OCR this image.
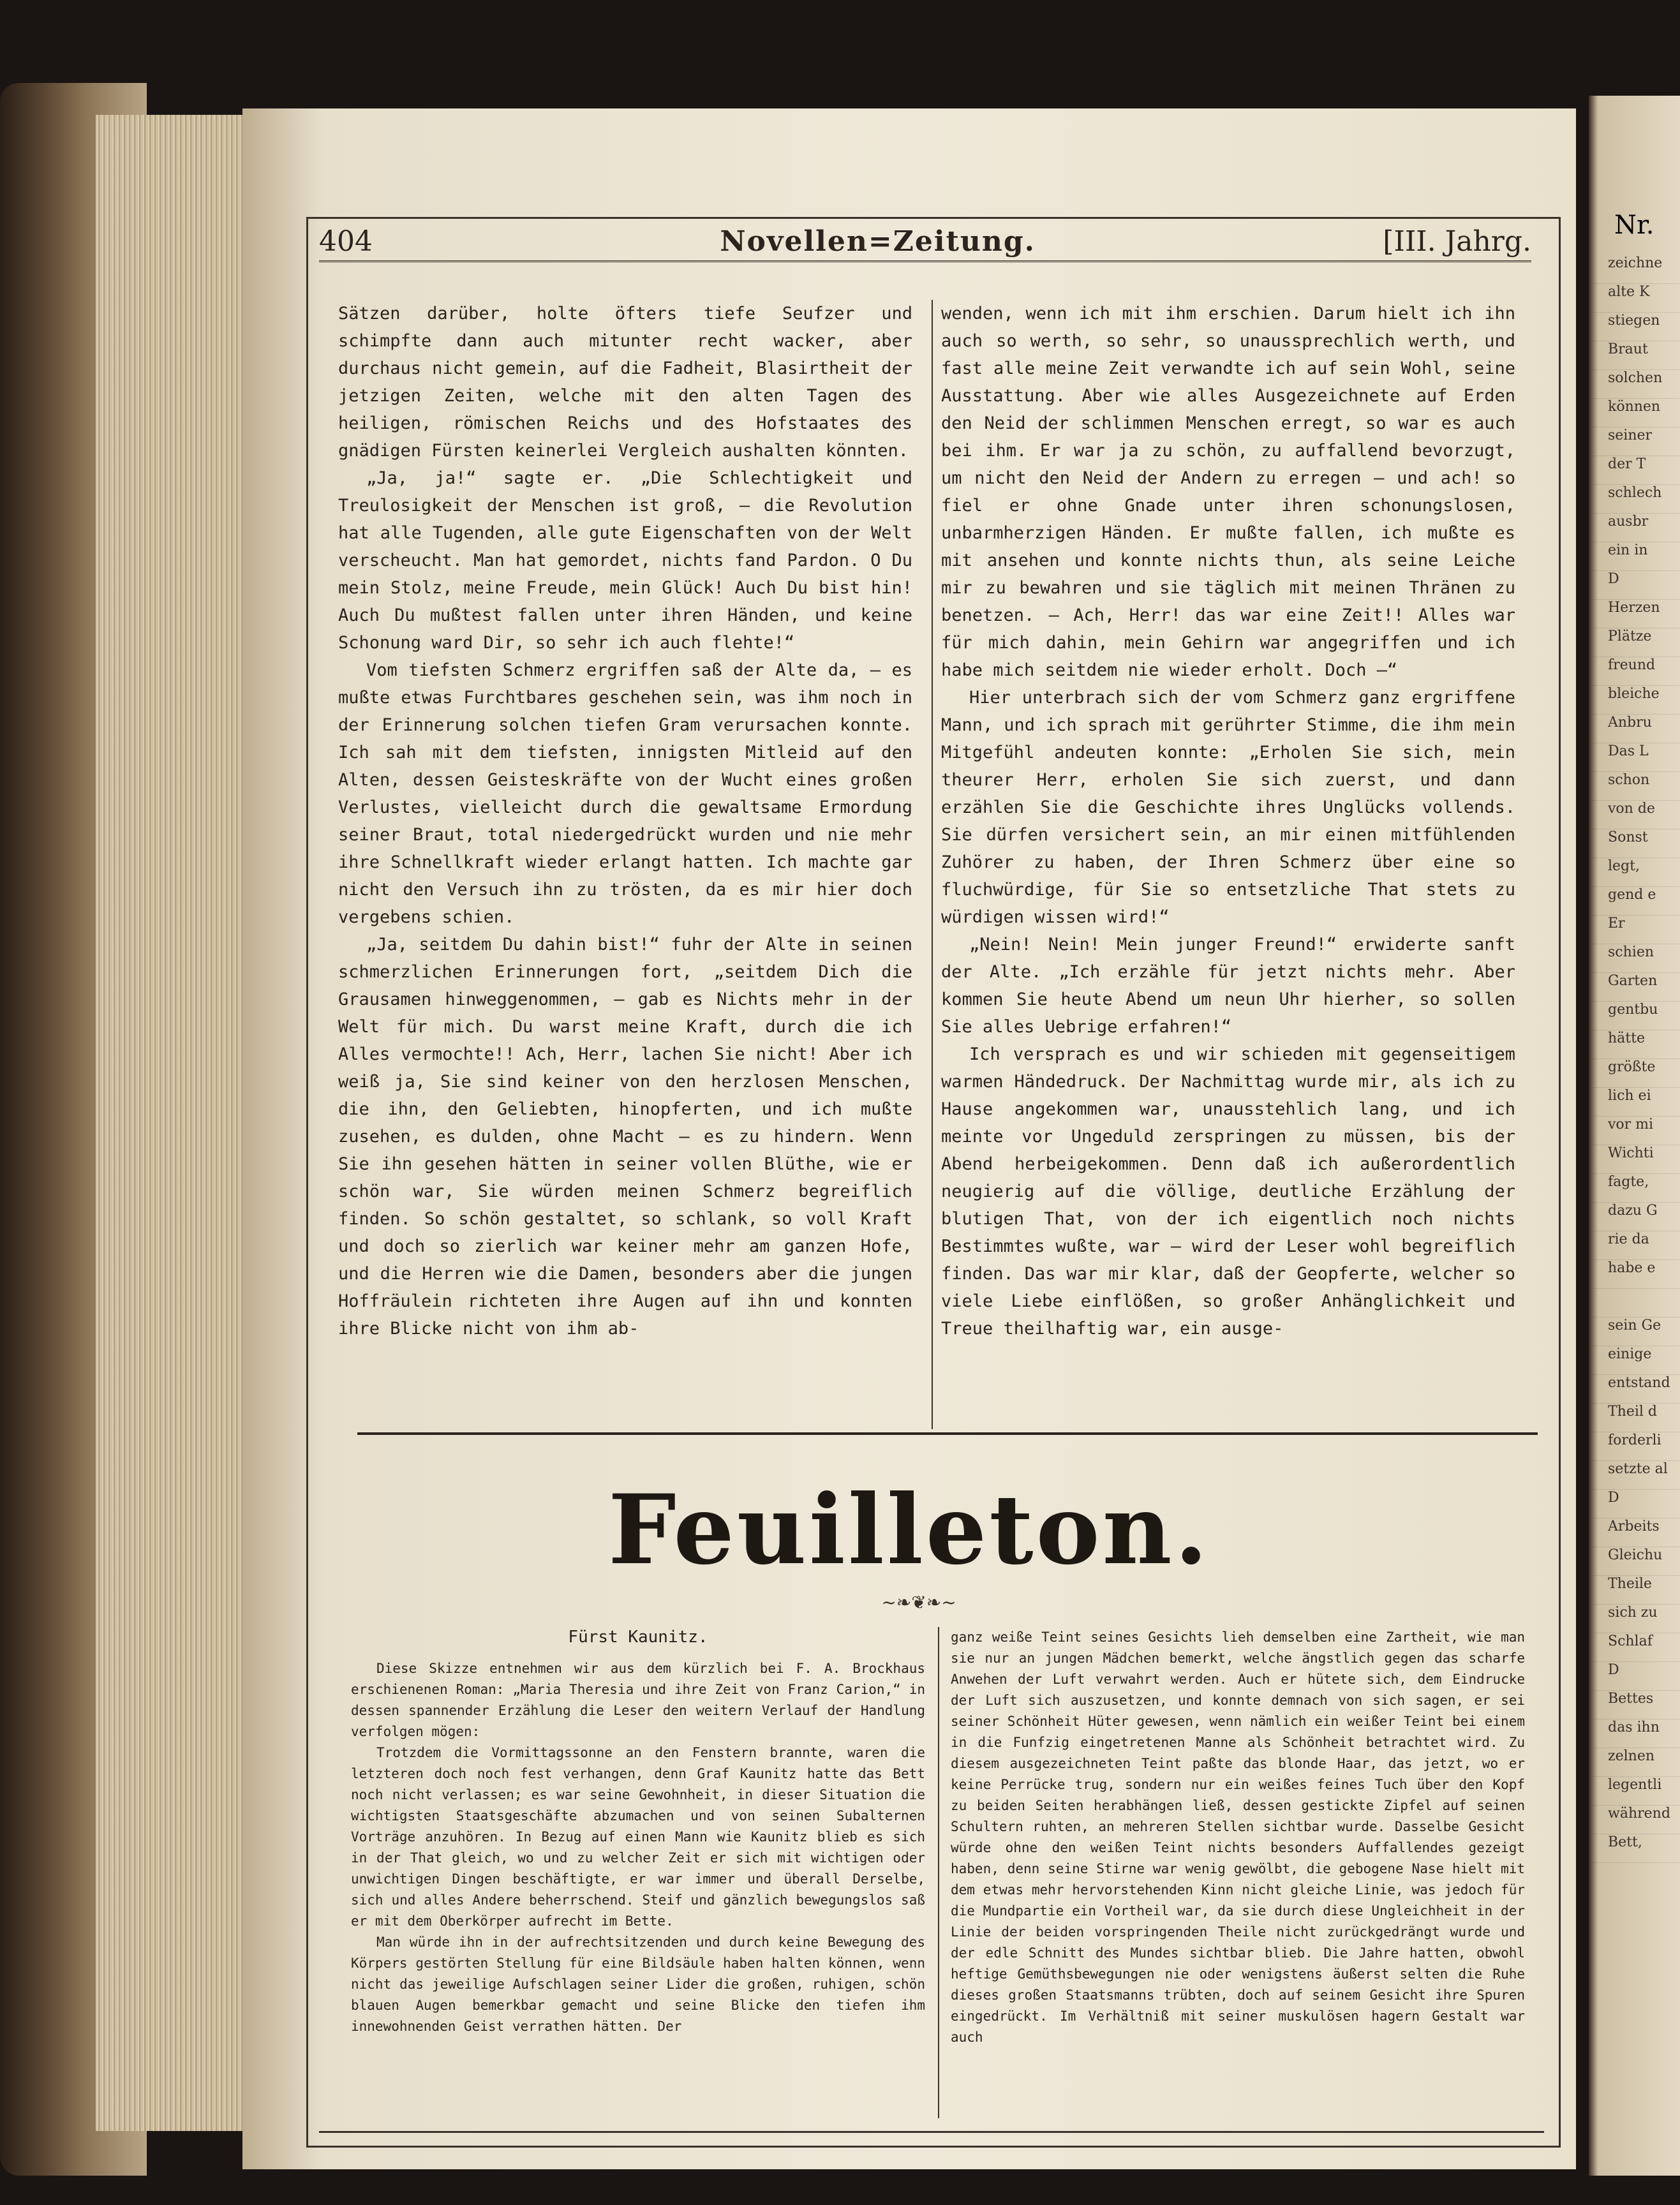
404	Novellen=Zeitung.	[III. Jahrg.

Sätzen darüber, holte öfters tiefe Seufzer und schimpfte dann auch mitunter recht wacker, aber durchaus nicht gemein, auf die Fadheit, Blasirtheit der jetzigen Zeiten, welche mit den alten Tagen des heiligen, römischen Reichs und des Hofstaates des gnädigen Fürsten keinerlei Vergleich aushalten könnten.

„Ja, ja!“ sagte er. „Die Schlechtigkeit und Treulosigkeit der Menschen ist groß, — die Revolution hat alle Tugenden, alle gute Eigenschaften von der Welt verscheucht. Man hat gemordet, nichts fand Pardon. O Du mein Stolz, meine Freude, mein Glück! Auch Du bist hin! Auch Du mußtest fallen unter ihren Händen, und keine Schonung ward Dir, so sehr ich auch flehte!“

Vom tiefsten Schmerz ergriffen saß der Alte da, — es mußte etwas Furchtbares geschehen sein, was ihm noch in der Erinnerung solchen tiefen Gram verursachen konnte. Ich sah mit dem tiefsten, innigsten Mitleid auf den Alten, dessen Geisteskräfte von der Wucht eines großen Verlustes, vielleicht durch die gewaltsame Ermordung seiner Braut, total niedergedrückt wurden und nie mehr ihre Schnellkraft wieder erlangt hatten. Ich machte gar nicht den Versuch ihn zu trösten, da es mir hier doch vergebens schien.

„Ja, seitdem Du dahin bist!“ fuhr der Alte in seinen schmerzlichen Erinnerungen fort, „seitdem Dich die Grausamen hinweggenommen, — gab es Nichts mehr in der Welt für mich. Du warst meine Kraft, durch die ich Alles vermochte!! Ach, Herr, lachen Sie nicht! Aber ich weiß ja, Sie sind keiner von den herzlosen Menschen, die ihn, den Geliebten, hinopferten, und ich mußte zusehen, es dulden, ohne Macht — es zu hindern. Wenn Sie ihn gesehen hätten in seiner vollen Blüthe, wie er schön war, Sie würden meinen Schmerz begreiflich finden. So schön gestaltet, so schlank, so voll Kraft und doch so zierlich war keiner mehr am ganzen Hofe, und die Herren wie die Damen, besonders aber die jungen Hoffräulein richteten ihre Augen auf ihn und konnten ihre Blicke nicht von ihm ab-

wenden, wenn ich mit ihm erschien. Darum hielt ich ihn auch so werth, so sehr, so unaussprechlich werth, und fast alle meine Zeit verwandte ich auf sein Wohl, seine Ausstattung. Aber wie alles Ausgezeichnete auf Erden den Neid der schlimmen Menschen erregt, so war es auch bei ihm. Er war ja zu schön, zu auffallend bevorzugt, um nicht den Neid der Andern zu erregen — und ach! so fiel er ohne Gnade unter ihren schonungslosen, unbarmherzigen Händen. Er mußte fallen, ich mußte es mit ansehen und konnte nichts thun, als seine Leiche mir zu bewahren und sie täglich mit meinen Thränen zu benetzen. — Ach, Herr! das war eine Zeit!! Alles war für mich dahin, mein Gehirn war angegriffen und ich habe mich seitdem nie wieder erholt. Doch —“

Hier unterbrach sich der vom Schmerz ganz ergriffene Mann, und ich sprach mit gerührter Stimme, die ihm mein Mitgefühl andeuten konnte: „Erholen Sie sich, mein theurer Herr, erholen Sie sich zuerst, und dann erzählen Sie die Geschichte ihres Unglücks vollends. Sie dürfen versichert sein, an mir einen mitfühlenden Zuhörer zu haben, der Ihren Schmerz über eine so fluchwürdige, für Sie so entsetzliche That stets zu würdigen wissen wird!“

„Nein! Nein! Mein junger Freund!“ erwiderte sanft der Alte. „Ich erzähle für jetzt nichts mehr. Aber kommen Sie heute Abend um neun Uhr hierher, so sollen Sie alles Uebrige erfahren!“

Ich versprach es und wir schieden mit gegenseitigem warmen Händedruck. Der Nachmittag wurde mir, als ich zu Hause angekommen war, unausstehlich lang, und ich meinte vor Ungeduld zerspringen zu müssen, bis der Abend herbeigekommen. Denn daß ich außerordentlich neugierig auf die völlige, deutliche Erzählung der blutigen That, von der ich eigentlich noch nichts Bestimmtes wußte, war — wird der Leser wohl begreiflich finden. Das war mir klar, daß der Geopferte, welcher so viele Liebe einflößen, so großer Anhänglichkeit und Treue theilhaftig war, ein ausge-

Feuilleton.
~❧❦❧~

Fürst Kaunitz.

Diese Skizze entnehmen wir aus dem kürzlich bei F. A. Brockhaus erschienenen Roman: „Maria Theresia und ihre Zeit von Franz Carion,“ in dessen spannender Erzählung die Leser den weitern Verlauf der Handlung verfolgen mögen:

Trotzdem die Vormittagssonne an den Fenstern brannte, waren die letzteren doch noch fest verhangen, denn Graf Kaunitz hatte das Bett noch nicht verlassen; es war seine Gewohnheit, in dieser Situation die wichtigsten Staatsgeschäfte abzumachen und von seinen Subalternen Vorträge anzuhören. In Bezug auf einen Mann wie Kaunitz blieb es sich in der That gleich, wo und zu welcher Zeit er sich mit wichtigen oder unwichtigen Dingen beschäftigte, er war immer und überall Derselbe, sich und alles Andere beherrschend. Steif und gänzlich bewegungslos saß er mit dem Oberkörper aufrecht im Bette.

Man würde ihn in der aufrechtsitzenden und durch keine Bewegung des Körpers gestörten Stellung für eine Bildsäule haben halten können, wenn nicht das jeweilige Aufschlagen seiner Lider die großen, ruhigen, schön blauen Augen bemerkbar gemacht und seine Blicke den tiefen ihm innewohnenden Geist verrathen hätten. Der

ganz weiße Teint seines Gesichts lieh demselben eine Zartheit, wie man sie nur an jungen Mädchen bemerkt, welche ängstlich gegen das scharfe Anwehen der Luft verwahrt werden. Auch er hütete sich, dem Eindrucke der Luft sich auszusetzen, und konnte demnach von sich sagen, er sei seiner Schönheit Hüter gewesen, wenn nämlich ein weißer Teint bei einem in die Funfzig eingetretenen Manne als Schönheit betrachtet wird. Zu diesem ausgezeichneten Teint paßte das blonde Haar, das jetzt, wo er keine Perrücke trug, sondern nur ein weißes feines Tuch über den Kopf zu beiden Seiten herabhängen ließ, dessen gestickte Zipfel auf seinen Schultern ruhten, an mehreren Stellen sichtbar wurde. Dasselbe Gesicht würde ohne den weißen Teint nichts besonders Auffallendes gezeigt haben, denn seine Stirne war wenig gewölbt, die gebogene Nase hielt mit dem etwas mehr hervorstehenden Kinn nicht gleiche Linie, was jedoch für die Mundpartie ein Vortheil war, da sie durch diese Ungleichheit in der Linie der beiden vorspringenden Theile nicht zurückgedrängt wurde und der edle Schnitt des Mundes sichtbar blieb. Die Jahre hatten, obwohl heftige Gemüthsbewegungen nie oder wenigstens äußerst selten die Ruhe dieses großen Staatsmanns trübten, doch auf seinem Gesicht ihre Spuren eingedrückt. Im Verhältniß mit seiner muskulösen hagern Gestalt war auch

Nr.
zeichne
alte K
stiegen
Braut
solchen
können
seiner
der T
schlech
ausbr
ein in
D
Herzen
Plätze
freund
bleiche
Anbru
Das L
schon
von de
Sonst
legt,
gend e
Er
schien
Garten
gentbu
hätte
größte
lich ei
vor mi
Wichti
fagte,
dazu G
rie da
habe e
sein Ge
einige
entstand
Theil d
forderli
setzte al
D
Arbeits
Gleichu
Theile
sich zu
Schlaf
D
Bettes
das ihn
zelnen
legentli
während
Bett,
